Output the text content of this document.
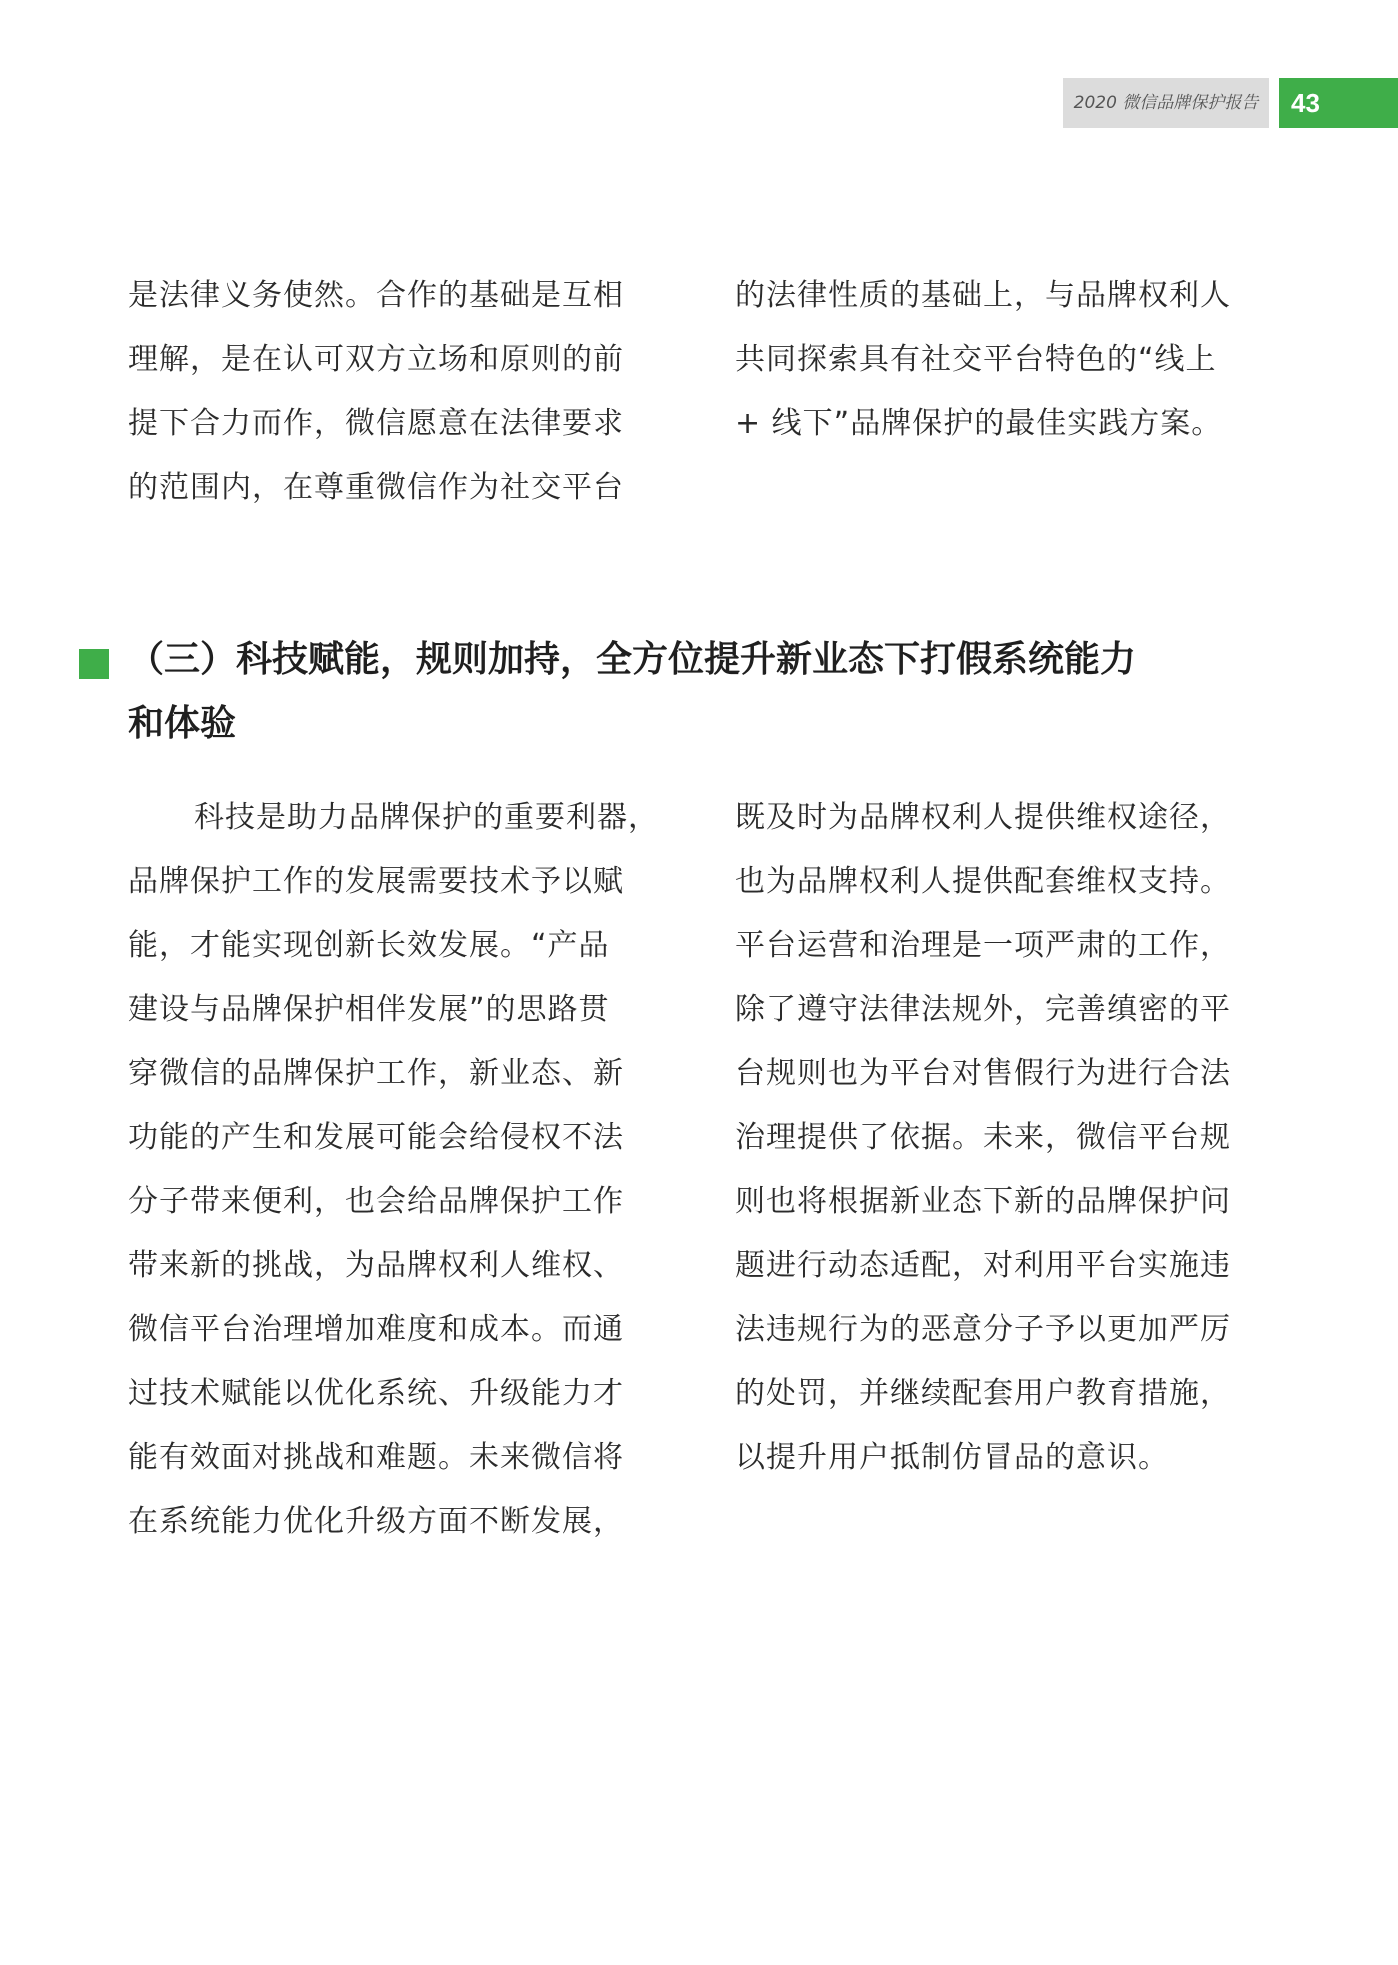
2020 微信品牌保护报告	43
是法律义务使然。合作的基础是互相
理解，是在认可双方立场和原则的前
提下合力而作，微信愿意在法律要求
的范围内，在尊重微信作为社交平台
的法律性质的基础上，与品牌权利人
共同探索具有社交平台特色的“线上
+ 线下”品牌保护的最佳实践方案。
（三）科技赋能，规则加持，全方位提升新业态下打假系统能力
和体验
科技是助力品牌保护的重要利器，
品牌保护工作的发展需要技术予以赋
能，才能实现创新长效发展。“产品
建设与品牌保护相伴发展”的思路贯
穿微信的品牌保护工作，新业态、新
功能的产生和发展可能会给侵权不法
分子带来便利，也会给品牌保护工作
带来新的挑战，为品牌权利人维权、
微信平台治理增加难度和成本。而通
过技术赋能以优化系统、升级能力才
能有效面对挑战和难题。未来微信将
在系统能力优化升级方面不断发展，
既及时为品牌权利人提供维权途径，
也为品牌权利人提供配套维权支持。
平台运营和治理是一项严肃的工作，
除了遵守法律法规外，完善缜密的平
台规则也为平台对售假行为进行合法
治理提供了依据。未来，微信平台规
则也将根据新业态下新的品牌保护问
题进行动态适配，对利用平台实施违
法违规行为的恶意分子予以更加严厉
的处罚，并继续配套用户教育措施，
以提升用户抵制仿冒品的意识。
